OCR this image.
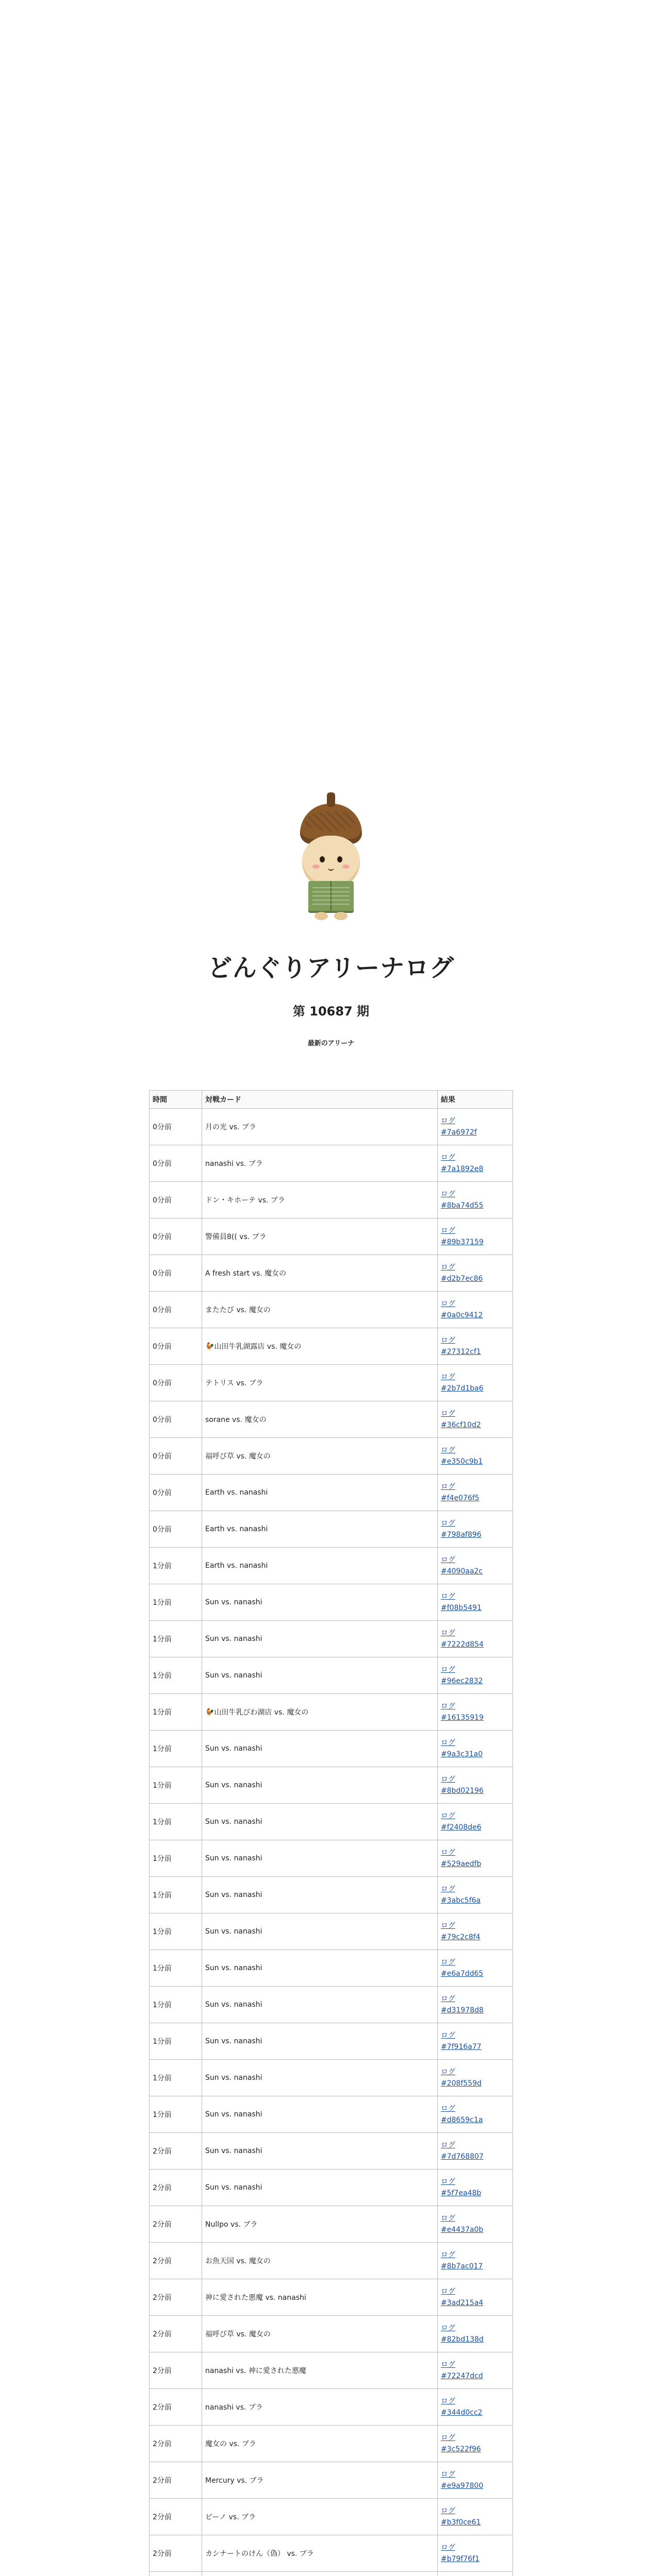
どんぐりアリーナログ
第 10687 期
最新のアリーナ
時間	対戦カード	結果
0分前	月の光 vs. ブラ	ログ
#7a6972f
0分前	nanashi vs. ブラ	ログ
#7a1892e8
0分前	ドン・キホーテ vs. ブラ	ログ
#8ba74d55
0分前	警備員8(( vs. ブラ	ログ
#89b37159
0分前	A fresh start vs. 魔女の	ログ
#d2b7ec86
0分前	またたび vs. 魔女の	ログ
#0a0c9412
0分前	🐓山田牛乳湖露店 vs. 魔女の	ログ
#27312cf1
0分前	テトリス vs. ブラ	ログ
#2b7d1ba6
0分前	sorane vs. 魔女の	ログ
#36cf10d2
0分前	福呼び草 vs. 魔女の	ログ
#e350c9b1
0分前	Earth vs. nanashi	ログ
#f4e076f5
0分前	Earth vs. nanashi	ログ
#798af896
1分前	Earth vs. nanashi	ログ
#4090aa2c
1分前	Sun vs. nanashi	ログ
#f08b5491
1分前	Sun vs. nanashi	ログ
#7222d854
1分前	Sun vs. nanashi	ログ
#96ec2832
1分前	🐓山田牛乳びわ湖店 vs. 魔女の	ログ
#16135919
1分前	Sun vs. nanashi	ログ
#9a3c31a0
1分前	Sun vs. nanashi	ログ
#8bd02196
1分前	Sun vs. nanashi	ログ
#f2408de6
1分前	Sun vs. nanashi	ログ
#529aedfb
1分前	Sun vs. nanashi	ログ
#3abc5f6a
1分前	Sun vs. nanashi	ログ
#79c2c8f4
1分前	Sun vs. nanashi	ログ
#e6a7dd65
1分前	Sun vs. nanashi	ログ
#d31978d8
1分前	Sun vs. nanashi	ログ
#7f916a77
1分前	Sun vs. nanashi	ログ
#208f559d
1分前	Sun vs. nanashi	ログ
#d8659c1a
2分前	Sun vs. nanashi	ログ
#7d768807
2分前	Sun vs. nanashi	ログ
#5f7ea48b
2分前	Nullpo vs. ブラ	ログ
#e4437a0b
2分前	お魚天国 vs. 魔女の	ログ
#8b7ac017
2分前	神に愛された悪魔 vs. nanashi	ログ
#3ad215a4
2分前	福呼び草 vs. 魔女の	ログ
#82bd138d
2分前	nanashi vs. 神に愛された悪魔	ログ
#72247dcd
2分前	nanashi vs. ブラ	ログ
#344d0cc2
2分前	魔女の vs. ブラ	ログ
#3c522f96
2分前	Mercury vs. ブラ	ログ
#e9a97800
2分前	ピーノ vs. ブラ	ログ
#b3f0ce61
2分前	カシナートのけん（偽） vs. ブラ	ログ
#b79f76f1
